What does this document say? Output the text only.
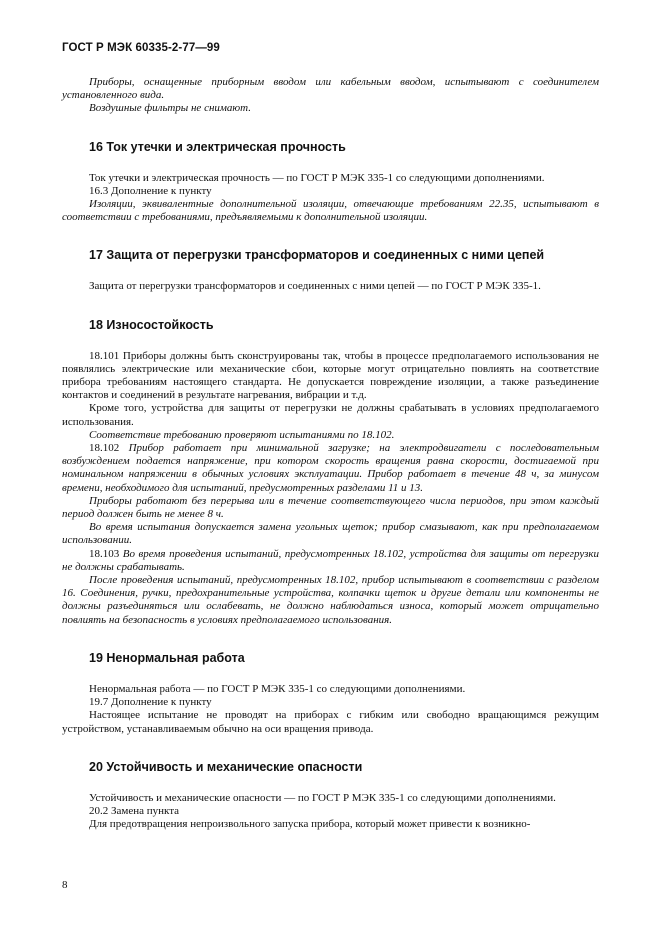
ГОСТ Р МЭК 60335-2-77—99

Приборы, оснащенные приборным вводом или кабельным вводом, испытывают с соединителем установленного вида.

Воздушные фильтры не снимают.

16 Ток утечки и электрическая прочность

Ток утечки и электрическая прочность — по ГОСТ Р МЭК 335-1 со следующими дополнениями.

16.3 Дополнение к пункту

Изоляции, эквивалентные дополнительной изоляции, отвечающие требованиям 22.35, испытывают в соответствии с требованиями, предъявляемыми к дополнительной изоляции.

17 Защита от перегрузки трансформаторов и соединенных с ними цепей

Защита от перегрузки трансформаторов и соединенных с ними цепей — по ГОСТ Р МЭК 335-1.

18 Износостойкость

18.101 Приборы должны быть сконструированы так, чтобы в процессе предполагаемого использования не появлялись электрические или механические сбои, которые могут отрицательно повлиять на соответствие прибора требованиям настоящего стандарта. Не допускается повреждение изоляции, а также разъединение контактов и соединений в результате нагревания, вибрации и т.д.

Кроме того, устройства для защиты от перегрузки не должны срабатывать в условиях предполагаемого использования.

Соответствие требованию проверяют испытаниями по 18.102.

18.102 Прибор работает при минимальной загрузке; на электродвигатели с последовательным возбуждением подается напряжение, при котором скорость вращения равна скорости, достигаемой при номинальном напряжении в обычных условиях эксплуатации. Прибор работает в течение 48 ч, за минусом времени, необходимого для испытаний, предусмотренных разделами 11 и 13.

Приборы работают без перерыва или в течение соответствующего числа периодов, при этом каждый период должен быть не менее 8 ч.

Во время испытания допускается замена угольных щеток; прибор смазывают, как при предполагаемом использовании.

18.103 Во время проведения испытаний, предусмотренных 18.102, устройства для защиты от перегрузки не должны срабатывать.

После проведения испытаний, предусмотренных 18.102, прибор испытывают в соответствии с разделом 16. Соединения, ручки, предохранительные устройства, колпачки щеток и другие детали или компоненты не должны разъединяться или ослабевать, не должно наблюдаться износа, который может отрицательно повлиять на безопасность в условиях предполагаемого использования.

19 Ненормальная работа

Ненормальная работа — по ГОСТ Р МЭК 335-1 со следующими дополнениями.

19.7 Дополнение к пункту

Настоящее испытание не проводят на приборах с гибким или свободно вращающимся режущим устройством, устанавливаемым обычно на оси вращения привода.

20 Устойчивость и механические опасности

Устойчивость и механические опасности — по ГОСТ Р МЭК 335-1 со следующими дополнениями.

20.2 Замена пункта

Для предотвращения непроизвольного запуска прибора, который может привести к возникно-

8
